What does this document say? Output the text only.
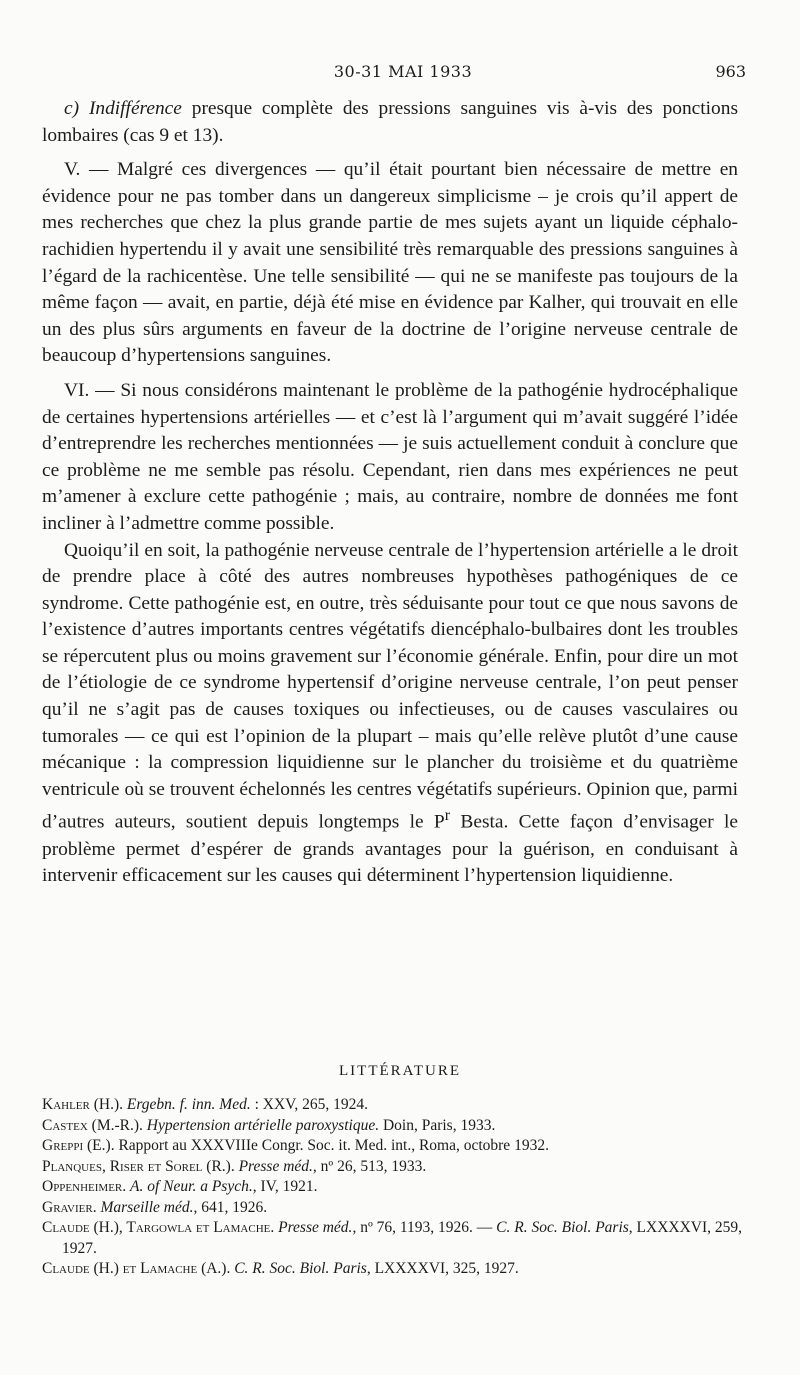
30-31 MAI 1933	963

c) Indifférence presque complète des pressions sanguines vis à-vis des ponctions lombaires (cas 9 et 13).

V. — Malgré ces divergences — qu’il était pourtant bien nécessaire de mettre en évidence pour ne pas tomber dans un dangereux simplicisme – je crois qu’il appert de mes recherches que chez la plus grande partie de mes sujets ayant un liquide céphalo-rachidien hypertendu il y avait une sensibilité très remarquable des pressions sanguines à l’égard de la rachicentèse. Une telle sensibilité — qui ne se manifeste pas toujours de la même façon — avait, en partie, déjà été mise en évidence par Kalher, qui trouvait en elle un des plus sûrs arguments en faveur de la doctrine de l’origine nerveuse centrale de beaucoup d’hypertensions sanguines.

VI. — Si nous considérons maintenant le problème de la pathogénie hydrocéphalique de certaines hypertensions artérielles — et c’est là l’argument qui m’avait suggéré l’idée d’entreprendre les recherches mentionnées — je suis actuellement conduit à conclure que ce problème ne me semble pas résolu. Cependant, rien dans mes expériences ne peut m’amener à exclure cette pathogénie ; mais, au contraire, nombre de données me font incliner à l’admettre comme possible.

Quoiqu’il en soit, la pathogénie nerveuse centrale de l’hypertension artérielle a le droit de prendre place à côté des autres nombreuses hypothèses pathogéniques de ce syndrome. Cette pathogénie est, en outre, très séduisante pour tout ce que nous savons de l’existence d’autres importants centres végétatifs diencéphalo-bulbaires dont les troubles se répercutent plus ou moins gravement sur l’économie générale. Enfin, pour dire un mot de l’étiologie de ce syndrome hypertensif d’origine nerveuse centrale, l’on peut penser qu’il ne s’agit pas de causes toxiques ou infectieuses, ou de causes vasculaires ou tumorales — ce qui est l’opinion de la plupart – mais qu’elle relève plutôt d’une cause mécanique : la compression liquidienne sur le plancher du troisième et du quatrième ventricule où se trouvent échelonnés les centres végétatifs supérieurs. Opinion que, parmi d’autres auteurs, soutient depuis longtemps le $P^r$ Besta. Cette façon d’envisager le problème permet d’espérer de grands avantages pour la guérison, en conduisant à intervenir efficacement sur les causes qui déterminent l’hypertension liquidienne.

LITTÉRATURE
Kahler (H.). Ergebn. f. inn. Med. : XXV, 265, 1924.
Castex (M.-R.). Hypertension artérielle paroxystique. Doin, Paris, 1933.
Greppi (E.). Rapport au XXXVIIIe Congr. Soc. it. Med. int., Roma, octobre 1932.
Planques, Riser et Sorel (R.). Presse méd., nº 26, 513, 1933.
Oppenheimer. A. of Neur. a Psych., IV, 1921.
Gravier. Marseille méd., 641, 1926.
Claude (H.), Targowla et Lamache. Presse méd., nº 76, 1193, 1926. — C. R. Soc. Biol. Paris, LXXXXVI, 259, 1927.
Claude (H.) et Lamache (A.). C. R. Soc. Biol. Paris, LXXXXVI, 325, 1927.
